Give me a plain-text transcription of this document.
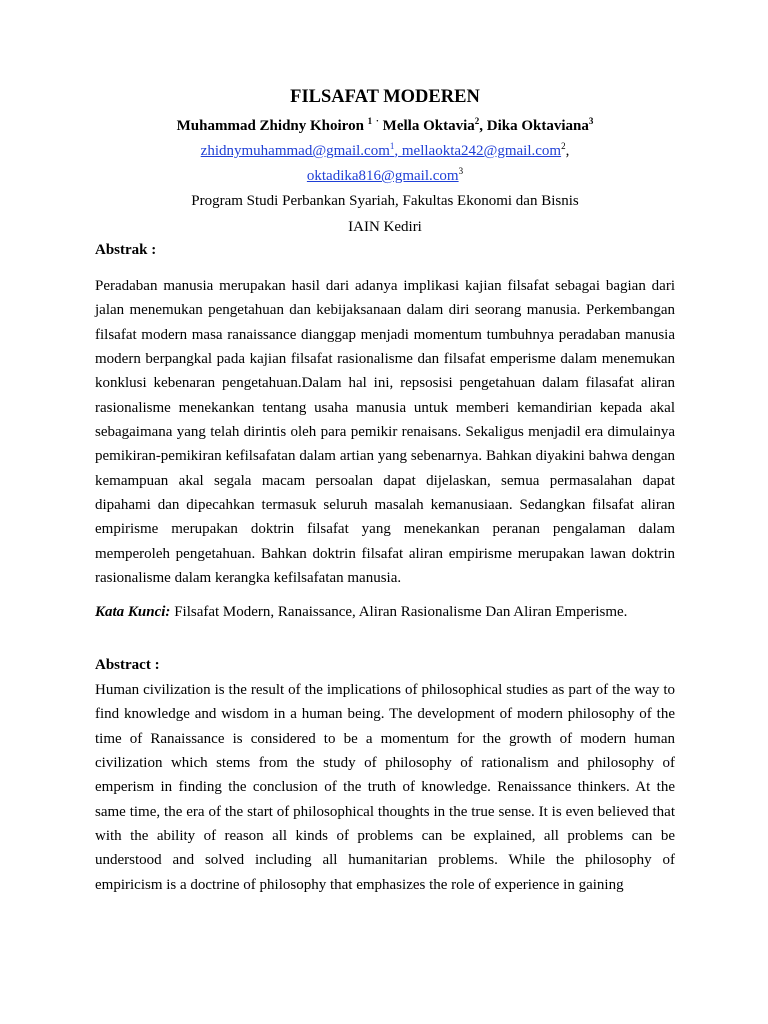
FILSAFAT MODEREN
Muhammad Zhidny Khoiron $^1$ · Mella Oktavia$^2$, Dika Oktaviana$^3$
zhidnymuhammad@gmail.com$^1$, mellaokta242@gmail.com$^2$,
oktadika816@gmail.com$^3$
Program Studi Perbankan Syariah, Fakultas Ekonomi dan Bisnis
IAIN Kediri
Abstrak :

Peradaban manusia merupakan hasil dari adanya implikasi kajian filsafat sebagai bagian dari jalan menemukan pengetahuan dan kebijaksanaan dalam diri seorang manusia. Perkembangan filsafat modern masa ranaissance dianggap menjadi momentum tumbuhnya peradaban manusia modern berpangkal pada kajian filsafat rasionalisme dan filsafat emperisme dalam menemukan konklusi kebenaran pengetahuan.Dalam hal ini, repsosisi pengetahuan dalam filasafat aliran rasionalisme menekankan tentang usaha manusia untuk memberi kemandirian kepada akal sebagaimana yang telah dirintis oleh para pemikir renaisans. Sekaligus menjadil era dimulainya pemikiran-pemikiran kefilsafatan dalam artian yang sebenarnya. Bahkan diyakini bahwa dengan kemampuan akal segala macam persoalan dapat dijelaskan, semua permasalahan dapat dipahami dan dipecahkan termasuk seluruh masalah kemanusiaan. Sedangkan filsafat aliran empirisme merupakan doktrin filsafat yang menekankan peranan pengalaman dalam memperoleh pengetahuan. Bahkan doktrin filsafat aliran empirisme merupakan lawan doktrin rasionalisme dalam kerangka kefilsafatan manusia.

Kata Kunci: Filsafat Modern, Ranaissance, Aliran Rasionalisme Dan Aliran Emperisme.
Abstract :

Human civilization is the result of the implications of philosophical studies as part of the way to find knowledge and wisdom in a human being. The development of modern philosophy of the time of Ranaissance is considered to be a momentum for the growth of modern human civilization which stems from the study of philosophy of rationalism and philosophy of emperism in finding the conclusion of the truth of knowledge. Renaissance thinkers. At the same time, the era of the start of philosophical thoughts in the true sense. It is even believed that with the ability of reason all kinds of problems can be explained, all problems can be understood and solved including all humanitarian problems. While the philosophy of empiricism is a doctrine of philosophy that emphasizes the role of experience in gaining
